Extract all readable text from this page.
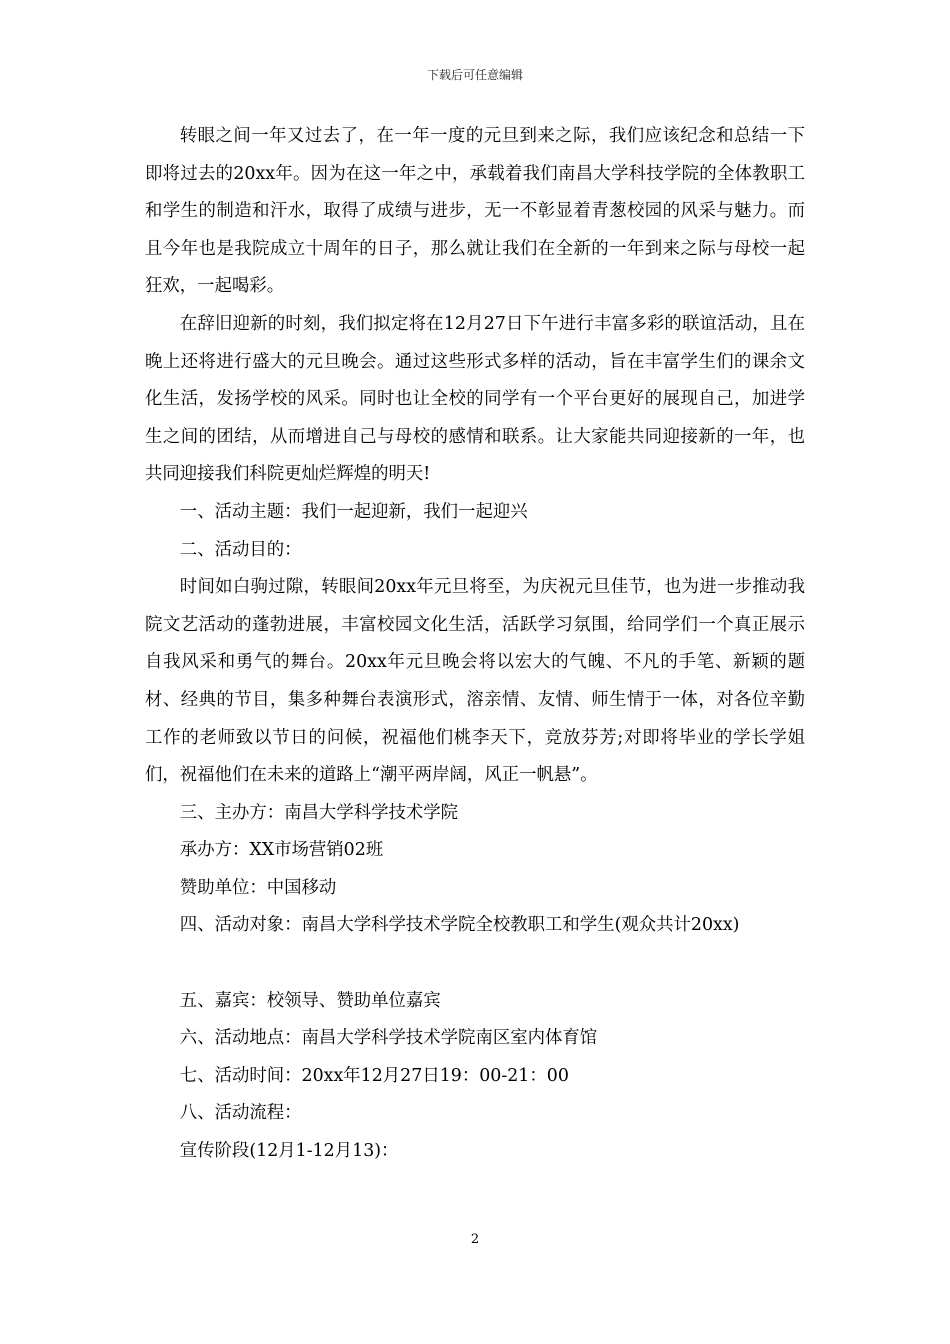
下载后可任意编辑

转眼之间一年又过去了，在一年一度的元旦到来之际，我们应该纪念和总结一下即将过去的20xx年。因为在这一年之中，承载着我们南昌大学科技学院的全体教职工和学生的制造和汗水，取得了成绩与进步，无一不彰显着青葱校园的风采与魅力。而且今年也是我院成立十周年的日子，那么就让我们在全新的一年到来之际与母校一起狂欢，一起喝彩。

在辞旧迎新的时刻，我们拟定将在12月27日下午进行丰富多彩的联谊活动，且在晚上还将进行盛大的元旦晚会。通过这些形式多样的活动，旨在丰富学生们的课余文化生活，发扬学校的风采。同时也让全校的同学有一个平台更好的展现自己，加进学生之间的团结，从而增进自己与母校的感情和联系。让大家能共同迎接新的一年，也共同迎接我们科院更灿烂辉煌的明天!

一、活动主题：我们一起迎新，我们一起迎兴

二、活动目的：

时间如白驹过隙，转眼间20xx年元旦将至，为庆祝元旦佳节，也为进一步推动我院文艺活动的蓬勃进展，丰富校园文化生活，活跃学习氛围，给同学们一个真正展示自我风采和勇气的舞台。20xx年元旦晚会将以宏大的气魄、不凡的手笔、新颖的题材、经典的节目，集多种舞台表演形式，溶亲情、友情、师生情于一体，对各位辛勤工作的老师致以节日的问候，祝福他们桃李天下，竞放芬芳;对即将毕业的学长学姐们，祝福他们在未来的道路上“潮平两岸阔，风正一帆悬”。

三、主办方：南昌大学科学技术学院

承办方：XX市场营销02班

赞助单位：中国移动

四、活动对象：南昌大学科学技术学院全校教职工和学生(观众共计20xx)

五、嘉宾：校领导、赞助单位嘉宾

六、活动地点：南昌大学科学技术学院南区室内体育馆

七、活动时间：20xx年12月27日19：00-21：00

八、活动流程：

宣传阶段(12月1-12月13)：

2
